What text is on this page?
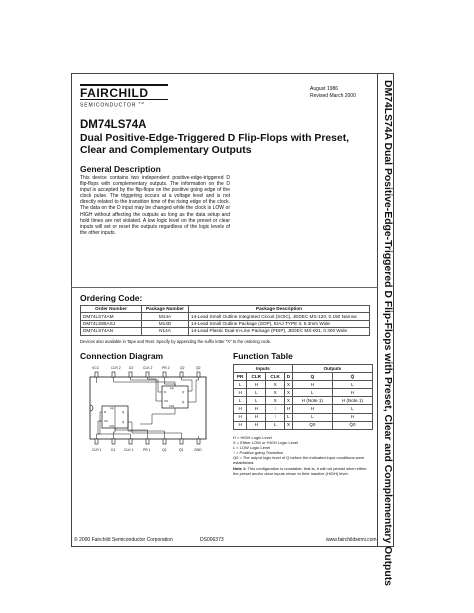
DM74LS74A Dual Positive-Edge-Triggered D Flip-Flops with Preset, Clear and Complementary Outputs
FAIRCHILD
SEMICONDUCTOR ™
August 1986
Revised March 2000
DM74LS74A
Dual Positive-Edge-Triggered D Flip-Flops with Preset, Clear and Complementary Outputs
General Description
This device contains two independent positive-edge-triggered D flip-flops with complementary outputs. The information on the D input is accepted by the flip-flops on the positive going edge of the clock pulse. The triggering occurs at a voltage level and is not directly related to the transition time of the rising edge of the clock. The data on the D input may be changed while the clock is LOW or HIGH without affecting the outputs as long as the data setup and hold times are not violated. A low logic level on the preset or clear inputs will set or reset the outputs regardless of the logic levels of the other inputs.
Ordering Code:
Order Number	Package Number	Package Description
DM74LS74AM	M14A	14-Lead Small Outline Integrated Circuit (SOIC), JEDEC MS-120, 0.150 Narrow
DM74LS85ASJ	M14D	14-Lead Small Outline Package (SOP), EIAJ TYPE II, 5.3mm Wide
DM74LS74AN	N14A	14-Lead Plastic Dual-In-Line Package (PDIP), JEDEC MS-001, 0.300 Wide
Devices also available in Tape and Reel. Specify by appending the suffix letter "X" to the ordering code.
Connection Diagram
VCC	CLR 2 D2	CLK 2	PR 2	Q2	Q̄2
D
CK
Q
Q̄
PR
CLR
D
CK
Q
Q̄
PR
CLR
CLR 1	D1	CLK 1	PR 1	Q1	Q̄1	GND
Function Table
Inputs				Outputs	
PR	CLR	CLK	D	Q	Q̄
L	H	X	X	H	L
H	L	X	X	L	H
L	L	X	X	H (Note 1)	H (Note 1)
H	H	↑	H	H	L
H	H	↑	L	L	H
H	H	L	X	Q0	Q̄0
H = HIGH Logic Level
X = Either LOW or HIGH Logic Level
L = LOW Logic Level
↑ = Positive-going Transition
Q0 = The output logic level of Q before the indicated input conditions were established.
Note 1: This configuration is nonstable; that is, it will not persist when either the preset and/or clear inputs return to their inactive (HIGH) level.
© 2000 Fairchild Semiconductor Corporation	DS006373	www.fairchildsemi.com
